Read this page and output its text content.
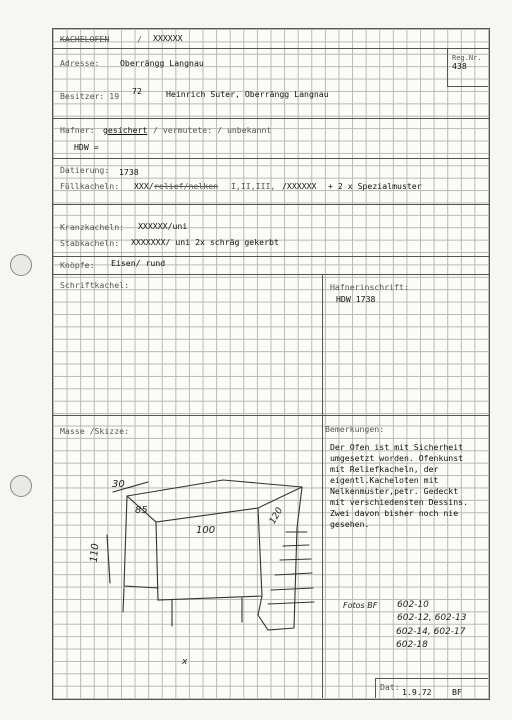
KACHELOFEN	/ XXXXXX
Reg.Nr.
438
Adresse:	Oberrängg Langnau
Besitzer: 19 72	Heinrich Suter, Oberrängg Langnau
Hafner: gesichert / vermutete: / unbekannt
HDW =
Datierung: 1738
Füllkacheln: XXX/ relief/nelken I,II,III, /XXXXXX + 2 x Spezialmuster
Kranzkacheln: XXXXXX/uni
Stabkacheln: XXXXXXX/ uni 2x schräg gekerbt
Knöpfe: Eisen/ rund
Schriftkachel:	Hafnerinschrift:
HDW 1738
Masse /Skizze:	Bemerkungen:
Der Ofen ist mit Sicherheit
umgesetzt worden. Ofenkunst
mit Reliefkacheln, der
eigentl.Kacheloten mit
Nelkenmuster,petr. Gedeckt
mit verschiedensten Dessins.
Zwei davon bisher noch nie
gesehen.
30
85
100
120
110
x
Fotos BF 602-10
602-12, 602-13
602-14, 602-17
602-18
Dat: 1.9.72 BF
